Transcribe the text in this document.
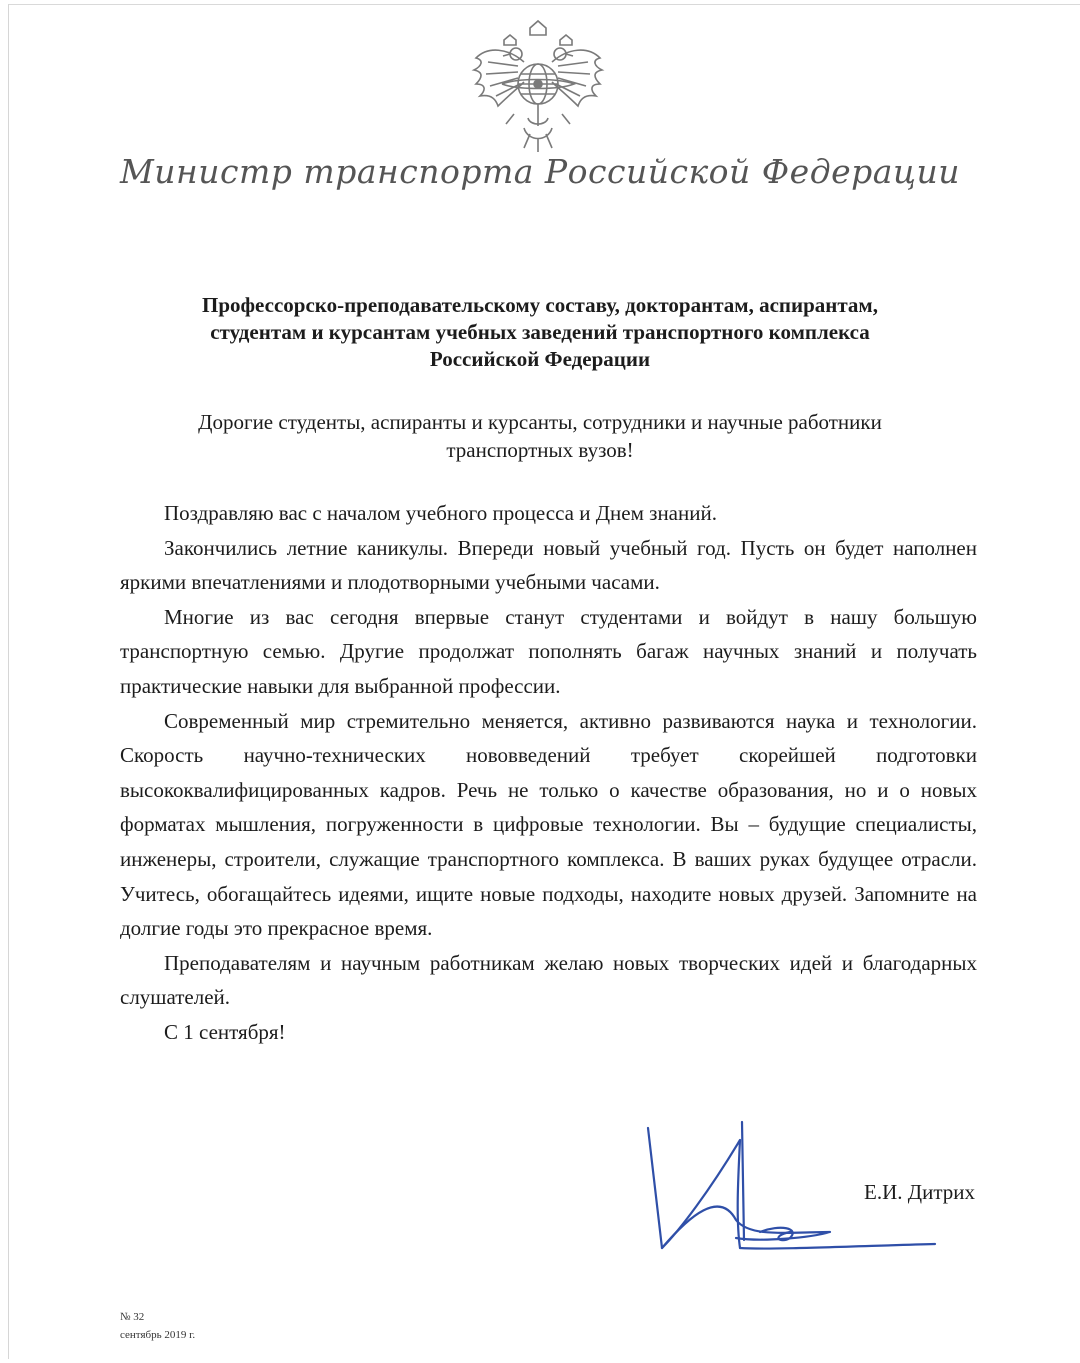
Министр транспорта Российской Федерации
Профессорско-преподавательскому составу, докторантам, аспирантам,
студентам и курсантам учебных заведений транспортного комплекса
Российской Федерации
Дорогие студенты, аспиранты и курсанты, сотрудники и научные работники
транспортных вузов!

Поздравляю вас с началом учебного процесса и Днем знаний.

Закончились летние каникулы. Впереди новый учебный год. Пусть он будет наполнен яркими впечатлениями и плодотворными учебными часами.

Многие из вас сегодня впервые станут студентами и войдут в нашу большую транспортную семью. Другие продолжат пополнять багаж научных знаний и получать практические навыки для выбранной профессии.

Современный мир стремительно меняется, активно развиваются наука и технологии. Скорость научно-технических нововведений требует скорейшей подготовки высококвалифицированных кадров. Речь не только о качестве образования, но и о новых форматах мышления, погруженности в цифровые технологии. Вы – будущие специалисты, инженеры, строители, служащие транспортного комплекса. В ваших руках будущее отрасли. Учитесь, обогащайтесь идеями, ищите новые подходы, находите новых друзей. Запомните на долгие годы это прекрасное время.

Преподавателям и научным работникам желаю новых творческих идей и благодарных слушателей.

С 1 сентября!

Е.И. Дитрих
№ 32
сентябрь 2019 г.
